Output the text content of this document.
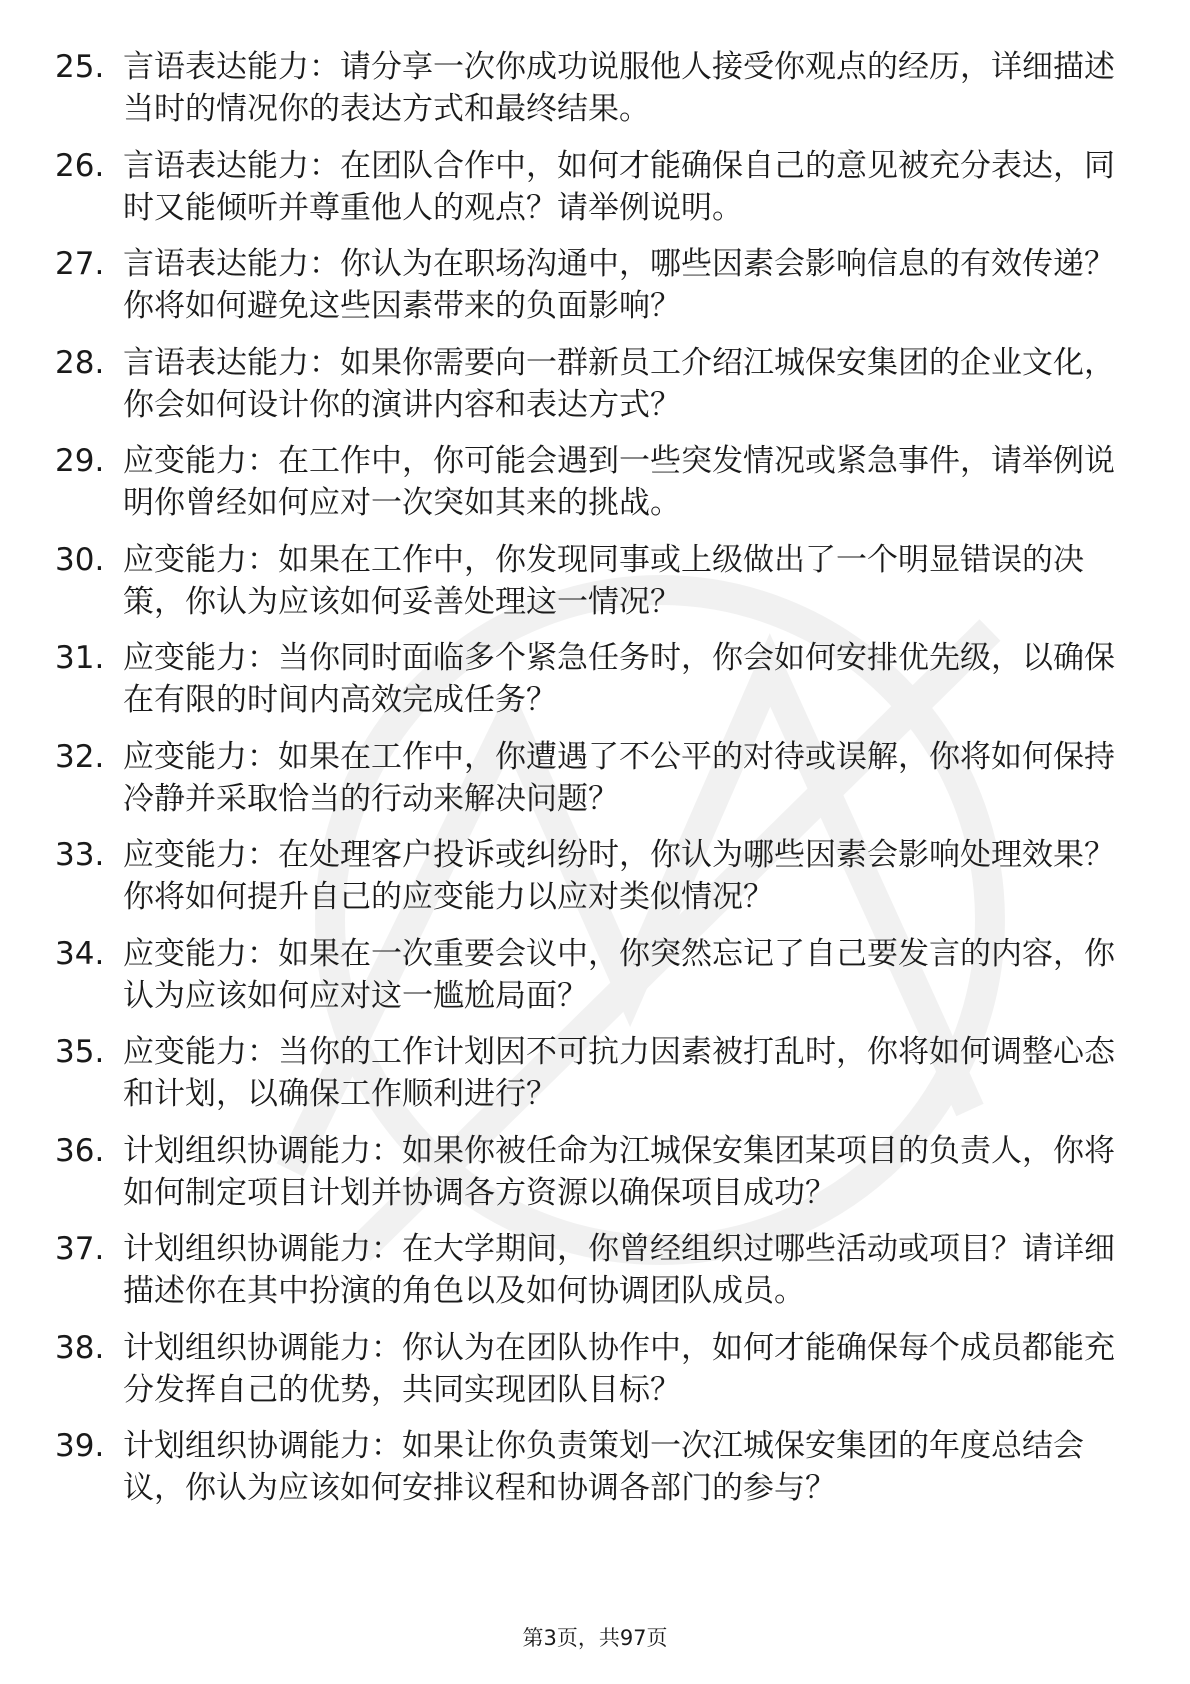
25. 言语表达能力：请分享一次你成功说服他人接受你观点的经历，详细描述当时的情况你的表达方式和最终结果。
26. 言语表达能力：在团队合作中，如何才能确保自己的意见被充分表达，同时又能倾听并尊重他人的观点？请举例说明。
27. 言语表达能力：你认为在职场沟通中，哪些因素会影响信息的有效传递？你将如何避免这些因素带来的负面影响？
28. 言语表达能力：如果你需要向一群新员工介绍江城保安集团的企业文化，你会如何设计你的演讲内容和表达方式？
29. 应变能力：在工作中，你可能会遇到一些突发情况或紧急事件，请举例说明你曾经如何应对一次突如其来的挑战。
30. 应变能力：如果在工作中，你发现同事或上级做出了一个明显错误的决策，你认为应该如何妥善处理这一情况？
31. 应变能力：当你同时面临多个紧急任务时，你会如何安排优先级，以确保在有限的时间内高效完成任务？
32. 应变能力：如果在工作中，你遭遇了不公平的对待或误解，你将如何保持冷静并采取恰当的行动来解决问题？
33. 应变能力：在处理客户投诉或纠纷时，你认为哪些因素会影响处理效果？你将如何提升自己的应变能力以应对类似情况？
34. 应变能力：如果在一次重要会议中，你突然忘记了自己要发言的内容，你认为应该如何应对这一尴尬局面？
35. 应变能力：当你的工作计划因不可抗力因素被打乱时，你将如何调整心态和计划，以确保工作顺利进行？
36. 计划组织协调能力：如果你被任命为江城保安集团某项目的负责人，你将如何制定项目计划并协调各方资源以确保项目成功？
37. 计划组织协调能力：在大学期间，你曾经组织过哪些活动或项目？请详细描述你在其中扮演的角色以及如何协调团队成员。
38. 计划组织协调能力：你认为在团队协作中，如何才能确保每个成员都能充分发挥自己的优势，共同实现团队目标？
39. 计划组织协调能力：如果让你负责策划一次江城保安集团的年度总结会议，你认为应该如何安排议程和协调各部门的参与？
第3页，共97页
